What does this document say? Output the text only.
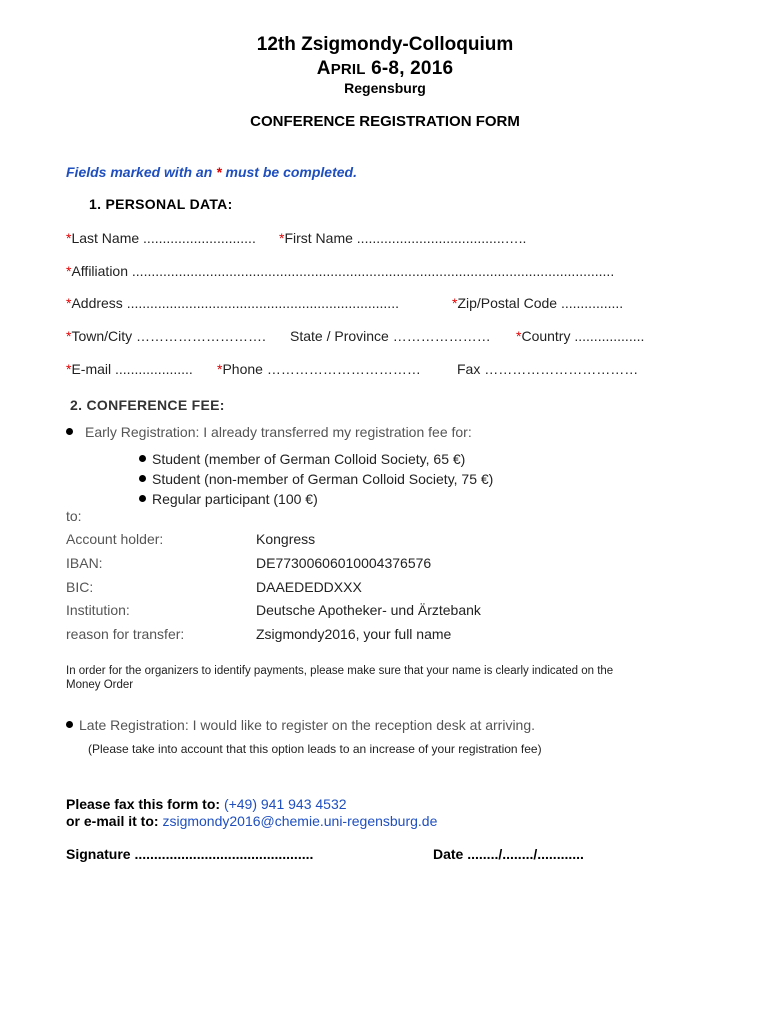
12th Zsigmondy-Colloquium
APRIL 6-8, 2016
Regensburg
CONFERENCE REGISTRATION FORM
Fields marked with an * must be completed.
1. PERSONAL DATA:
*Last Name ............................. *First Name ......................................…..
*Affiliation ............................................................................................................................
*Address ......................................................................	*Zip/Postal Code ................
*Town/City ………………………. State / Province ………………… *Country ..................
*E-mail .................... *Phone ……………………………	Fax ……………………………
2. CONFERENCE FEE:
Early Registration: I already transferred my registration fee for:
Student (member of German Colloid Society, 65 €)
Student (non-member of German Colloid Society, 75 €)
Regular participant (100 €)
to:
Account holder:	Kongress
IBAN:	DE77300606010004376576
BIC:	DAAEDEDDXXX
Institution:	Deutsche Apotheker- und Ärztebank
reason for transfer:	Zsigmondy2016, your full name
In order for the organizers to identify payments, please make sure that your name is clearly indicated on the
Money Order
Late Registration: I would like to register on the reception desk at arriving.
(Please take into account that this option leads to an increase of your registration fee)
Please fax this form to: (+49) 941 943 4532
or e-mail it to: zsigmondy2016@chemie.uni-regensburg.de
Signature ..............................................	Date ......../......../............
